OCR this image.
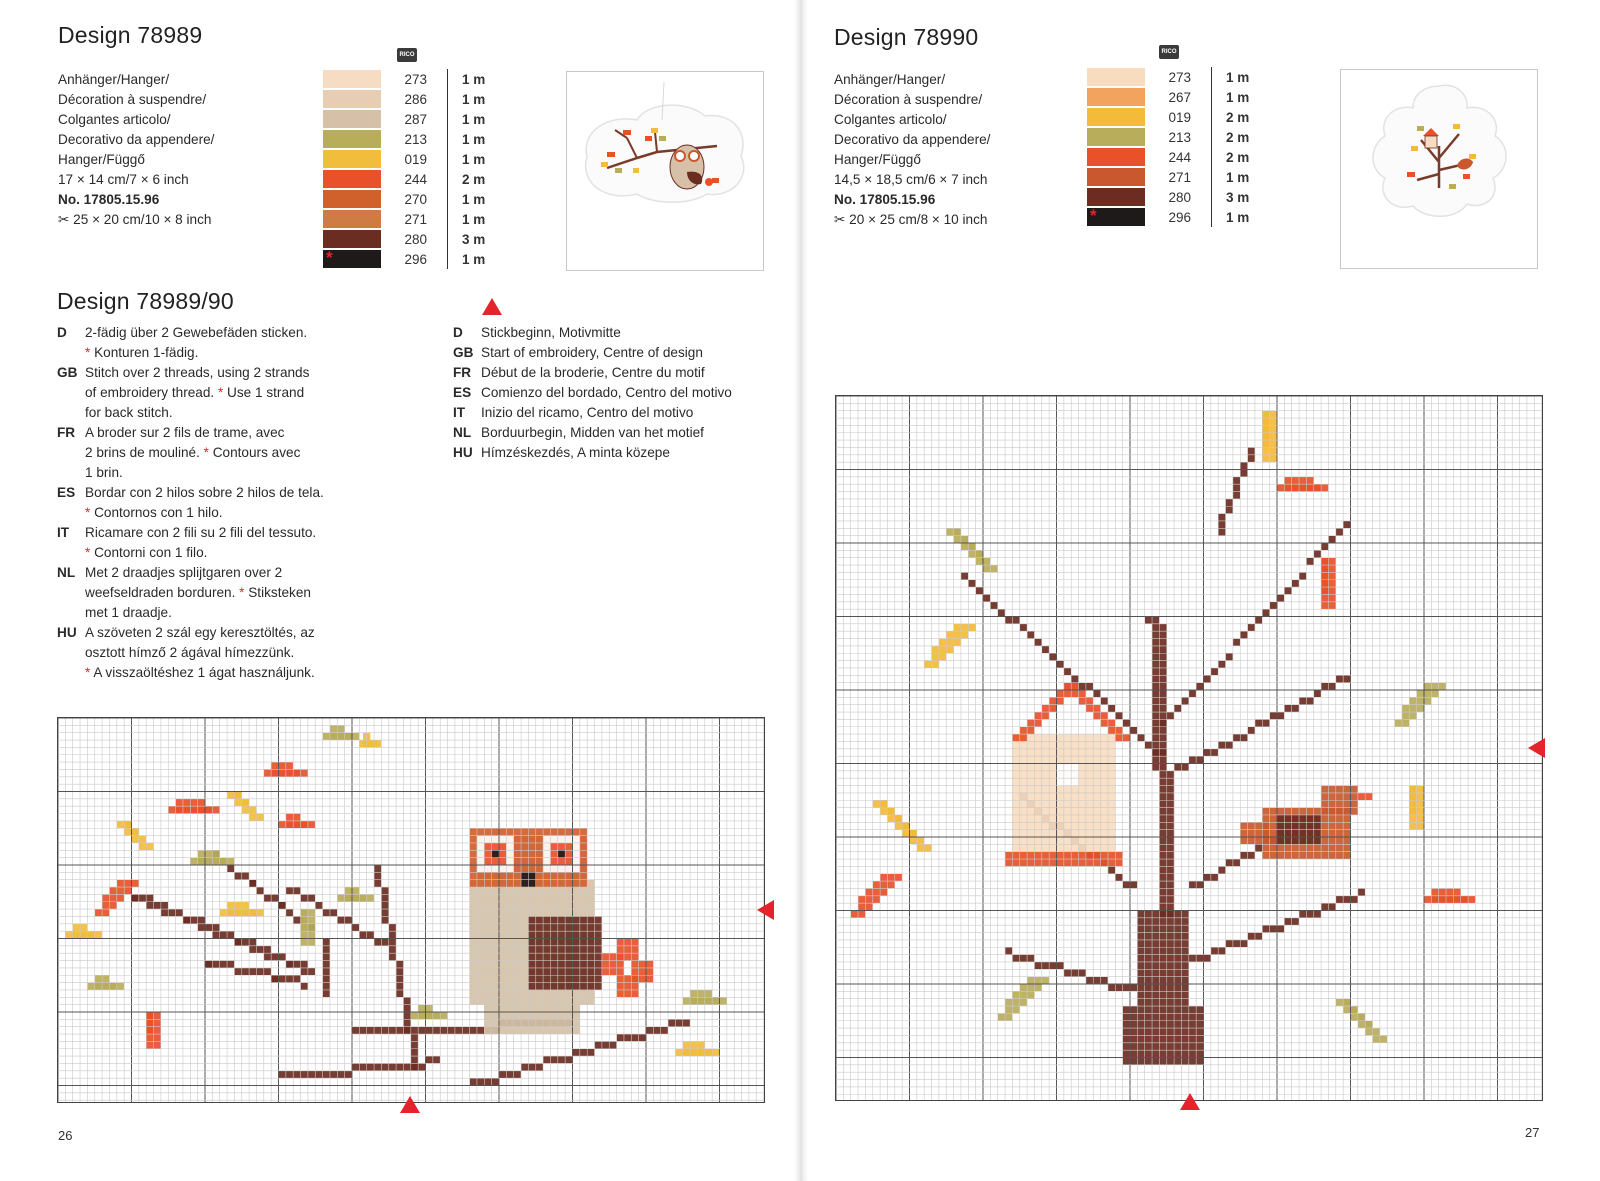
Design 78989
Anhänger/Hanger/
Décoration à suspendre/
Colgantes articolo/
Decorativo da appendere/
Hanger/Függő
17 × 14 cm/7 × 6 inch
No. 17805.15.96
✂ 25 × 20 cm/10 × 8 inch
RICO
273	1 m
286	1 m
287	1 m
213	1 m
019	1 m
244	2 m
270	1 m
271	1 m
280	3 m
*	296	1 m
Design 78989/90
D	2-fädig über 2 Gewebefäden sticken.
* Konturen 1-fädig.
GB Stitch over 2 threads, using 2 strands
of embroidery thread. * Use 1 strand
for back stitch.
FR A broder sur 2 fils de trame, avec
2 brins de mouliné. * Contours avec
1 brin.
ES Bordar con 2 hilos sobre 2 hilos de tela.
* Contornos con 1 hilo.
IT	Ricamare con 2 fili su 2 fili del tessuto.
* Contorni con 1 filo.
NL Met 2 draadjes splijtgaren over 2
weefseldraden borduren. * Stiksteken
met 1 draadje.
HU A szöveten 2 szál egy keresztöltés, az
osztott hímző 2 ágával hímezzünk.
* A visszaöltéshez 1 ágat használjunk.
D	Stickbeginn, Motivmitte
GB Start of embroidery, Centre of design
FR Début de la broderie, Centre du motif
ES Comienzo del bordado, Centro del motivo
IT	Inizio del ricamo, Centro del motivo
NL Borduurbegin, Midden van het motief
HU Hímzéskezdés, A minta közepe
26
Design 78990
Anhänger/Hanger/
Décoration à suspendre/
Colgantes articolo/
Decorativo da appendere/
Hanger/Függő
14,5 × 18,5 cm/6 × 7 inch
No. 17805.15.96
✂ 20 × 25 cm/8 × 10 inch
RICO
273	1 m
267	1 m
019	2 m
213	2 m
244	2 m
271	1 m
280	3 m
*	296	1 m
27
